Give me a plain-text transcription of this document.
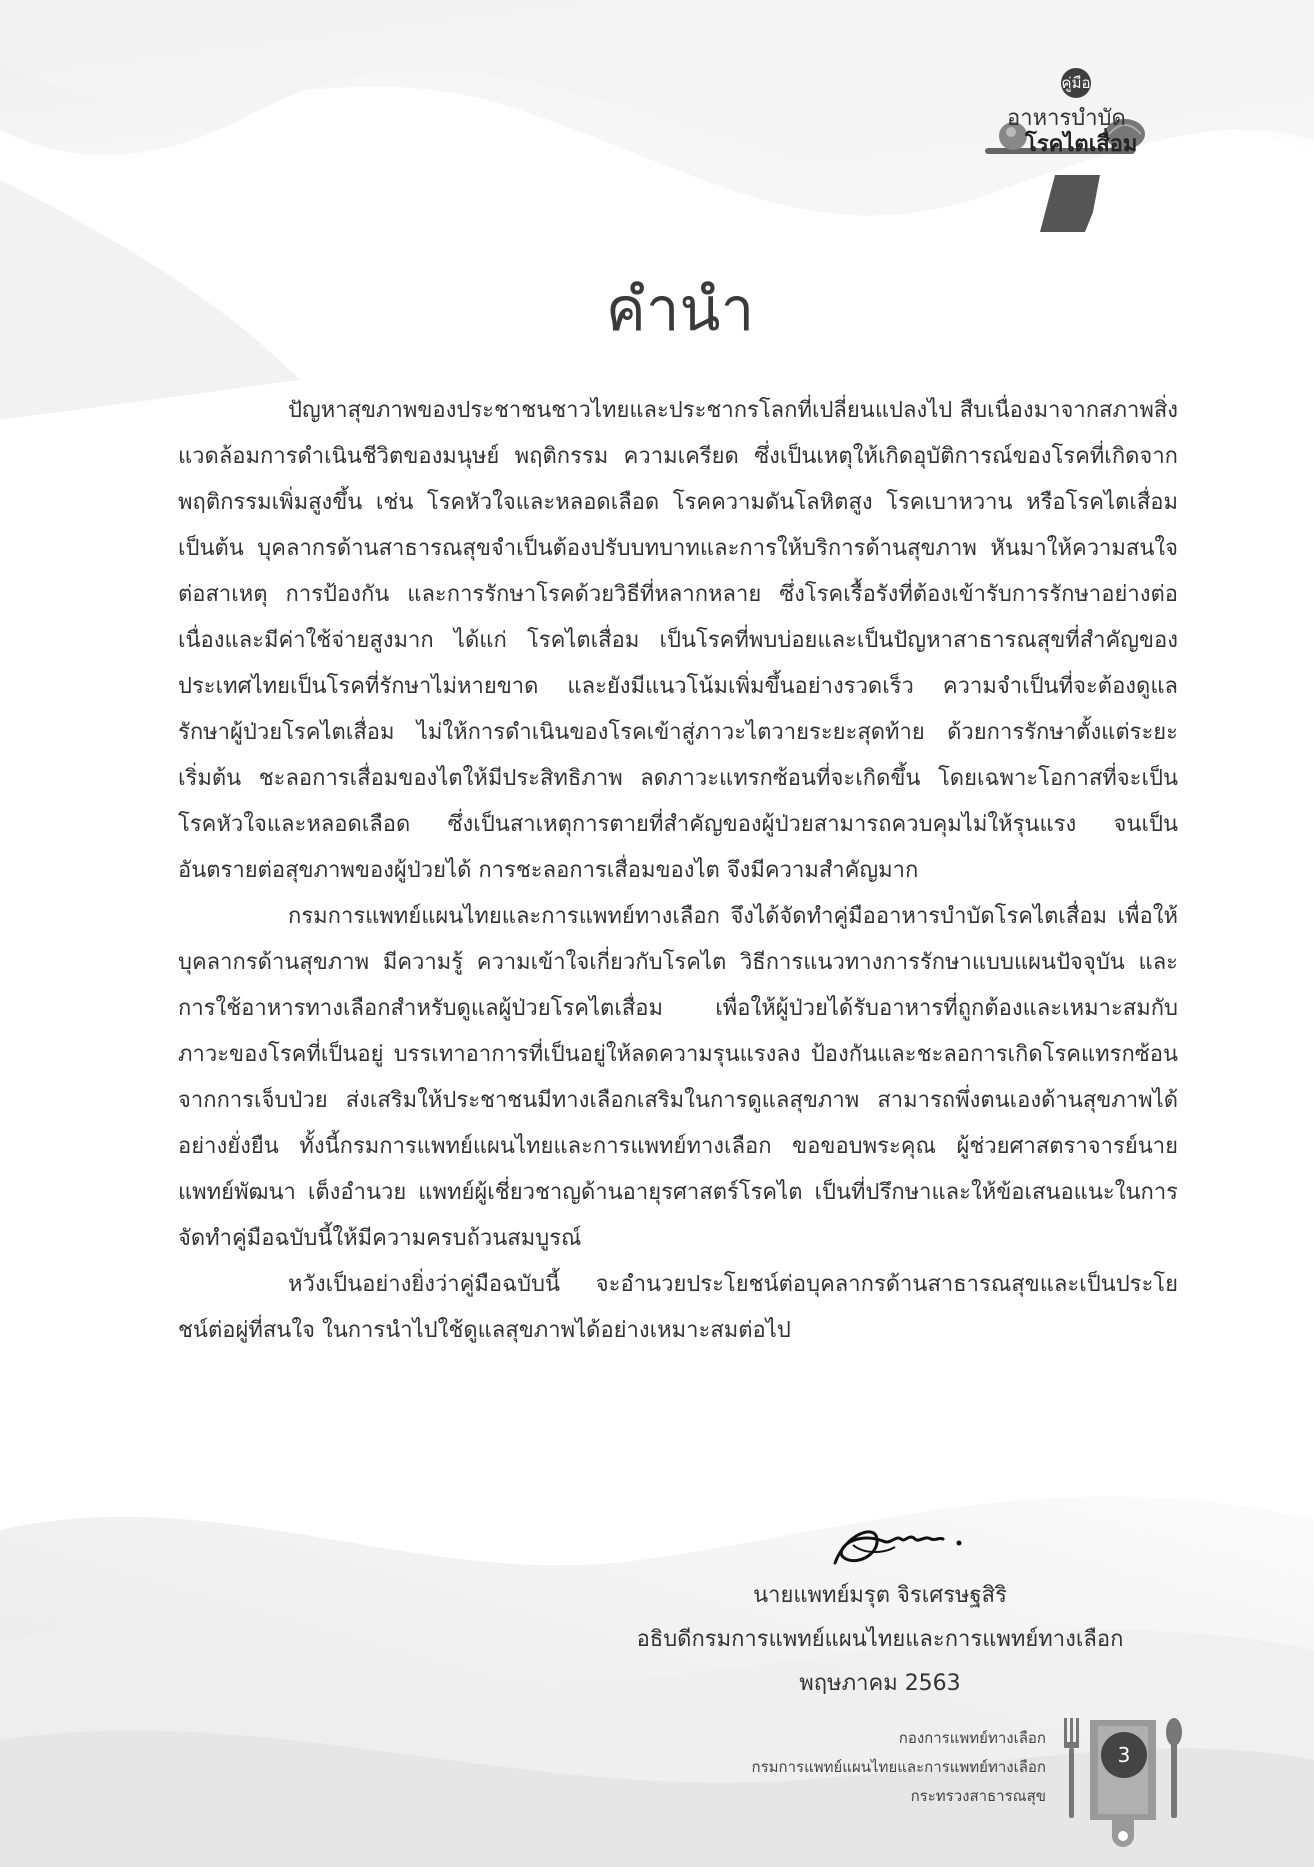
คู่มือ
อาหารบำบัด
โรคไตเสื่อม
คำนำ

ปัญหาสุขภาพของประชาชนชาวไทยและประชากรโลกที่เปลี่ยนแปลงไป สืบเนื่องมาจากสภาพสิ่งแวดล้อมการดำเนินชีวิตของมนุษย์ พฤติกรรม ความเครียด ซึ่งเป็นเหตุให้เกิดอุบัติการณ์ของโรคที่เกิดจากพฤติกรรมเพิ่มสูงขึ้น เช่น โรคหัวใจและหลอดเลือด โรคความดันโลหิตสูง โรคเบาหวาน หรือโรคไตเสื่อม เป็นต้น บุคลากรด้านสาธารณสุขจำเป็นต้องปรับบทบาทและการให้บริการด้านสุขภาพ หันมาให้ความสนใจต่อสาเหตุ การป้องกัน และการรักษาโรคด้วยวิธีที่หลากหลาย ซึ่งโรคเรื้อรังที่ต้องเข้ารับการรักษาอย่างต่อเนื่องและมีค่าใช้จ่ายสูงมาก ได้แก่ โรคไตเสื่อม เป็นโรคที่พบบ่อยและเป็นปัญหาสาธารณสุขที่สำคัญของประเทศไทยเป็นโรคที่รักษาไม่หายขาด และยังมีแนวโน้มเพิ่มขึ้นอย่างรวดเร็ว ความจำเป็นที่จะต้องดูแลรักษาผู้ป่วยโรคไตเสื่อม ไม่ให้การดำเนินของโรคเข้าสู่ภาวะไตวายระยะสุดท้าย ด้วยการรักษาตั้งแต่ระยะเริ่มต้น ชะลอการเสื่อมของไตให้มีประสิทธิภาพ ลดภาวะแทรกซ้อนที่จะเกิดขึ้น โดยเฉพาะโอกาสที่จะเป็นโรคหัวใจและหลอดเลือด ซึ่งเป็นสาเหตุการตายที่สำคัญของผู้ป่วยสามารถควบคุมไม่ให้รุนแรง จนเป็นอันตรายต่อสุขภาพของผู้ป่วยได้ การชะลอการเสื่อมของไต จึงมีความสำคัญมาก

กรมการแพทย์แผนไทยและการแพทย์ทางเลือก จึงได้จัดทำคู่มืออาหารบำบัดโรคไตเสื่อม เพื่อให้บุคลากรด้านสุขภาพ มีความรู้ ความเข้าใจเกี่ยวกับโรคไต วิธีการแนวทางการรักษาแบบแผนปัจจุบัน และการใช้อาหารทางเลือกสำหรับดูแลผู้ป่วยโรคไตเสื่อม เพื่อให้ผู้ป่วยได้รับอาหารที่ถูกต้องและเหมาะสมกับภาวะของโรคที่เป็นอยู่ บรรเทาอาการที่เป็นอยู่ให้ลดความรุนแรงลง ป้องกันและชะลอการเกิดโรคแทรกซ้อนจากการเจ็บป่วย ส่งเสริมให้ประชาชนมีทางเลือกเสริมในการดูแลสุขภาพ สามารถพึ่งตนเองด้านสุขภาพได้อย่างยั่งยืน ทั้งนี้กรมการแพทย์แผนไทยและการแพทย์ทางเลือก ขอขอบพระคุณ ผู้ช่วยศาสตราจารย์นายแพทย์พัฒนา เต็งอำนวย แพทย์ผู้เชี่ยวชาญด้านอายุรศาสตร์โรคไต เป็นที่ปรึกษาและให้ข้อเสนอแนะในการจัดทำคู่มือฉบับนี้ให้มีความครบถ้วนสมบูรณ์

หวังเป็นอย่างยิ่งว่าคู่มือฉบับนี้ จะอำนวยประโยชน์ต่อบุคลากรด้านสาธารณสุขและเป็นประโยชน์ต่อผู่ที่สนใจ ในการนำไปใช้ดูแลสุขภาพได้อย่างเหมาะสมต่อไป

นายแพทย์มรุต จิรเศรษฐสิริ
อธิบดีกรมการแพทย์แผนไทยและการแพทย์ทางเลือก
พฤษภาคม 2563
กองการแพทย์ทางเลือก
กรมการแพทย์แผนไทยและการแพทย์ทางเลือก
กระทรวงสาธารณสุข
3
